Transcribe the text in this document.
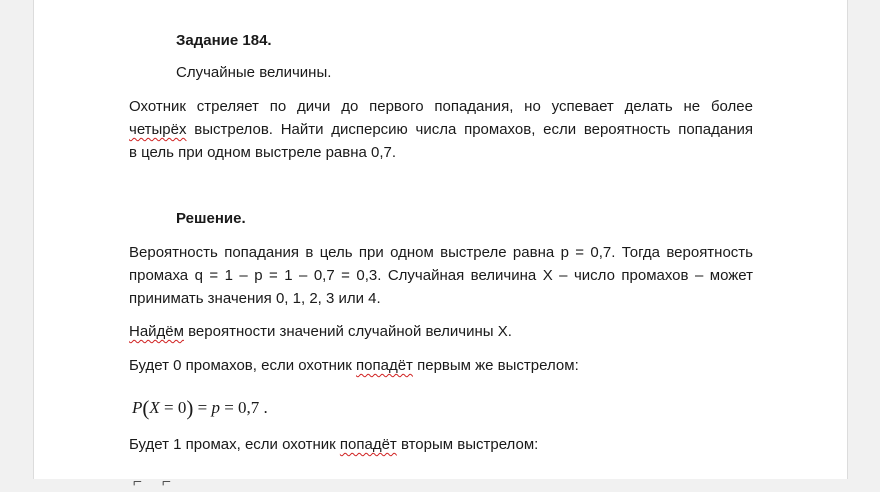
Задание 184.
Случайные величины.
Охотник стреляет по дичи до первого попадания, но успевает делать не более
четырёх выстрелов. Найти дисперсию числа промахов, если вероятность попадания
в цель при одном выстреле равна 0,7.
Решение.
Вероятность попадания в цель при одном выстреле равна p = 0,7. Тогда вероятность
промаха q = 1 – p = 1 – 0,7 = 0,3. Случайная величина X – число промахов – может
принимать значения 0, 1, 2, 3 или 4.
Найдём вероятности значений случайной величины X.
Будет 0 промахов, если охотник попадёт первым же выстрелом:
P(X = 0) = p = 0,7 .
Будет 1 промах, если охотник попадёт вторым выстрелом:
⌐ ⌐
